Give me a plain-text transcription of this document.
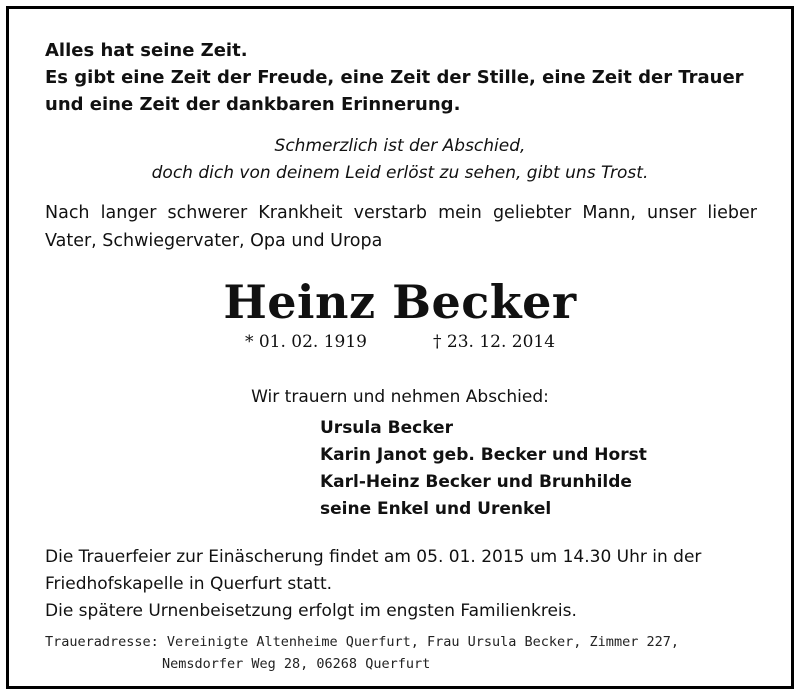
Alles hat seine Zeit.
Es gibt eine Zeit der Freude, eine Zeit der Stille, eine Zeit der Trauer
und eine Zeit der dankbaren Erinnerung.
Schmerzlich ist der Abschied,
doch dich von deinem Leid erlöst zu sehen, gibt uns Trost.
Nach langer schwerer Krankheit verstarb mein geliebter Mann, unser lieber
Vater, Schwiegervater, Opa und Uropa
Heinz Becker
* 01. 02. 1919	† 23. 12. 2014
Wir trauern und nehmen Abschied:
Ursula Becker
Karin Janot geb. Becker und Horst
Karl-Heinz Becker und Brunhilde
seine Enkel und Urenkel
Die Trauerfeier zur Einäscherung findet am 05. 01. 2015 um 14.30 Uhr in der
Friedhofskapelle in Querfurt statt.
Die spätere Urnenbeisetzung erfolgt im engsten Familienkreis.
Traueradresse: Vereinigte Altenheime Querfurt, Frau Ursula Becker, Zimmer 227,
Nemsdorfer Weg 28, 06268 Querfurt
